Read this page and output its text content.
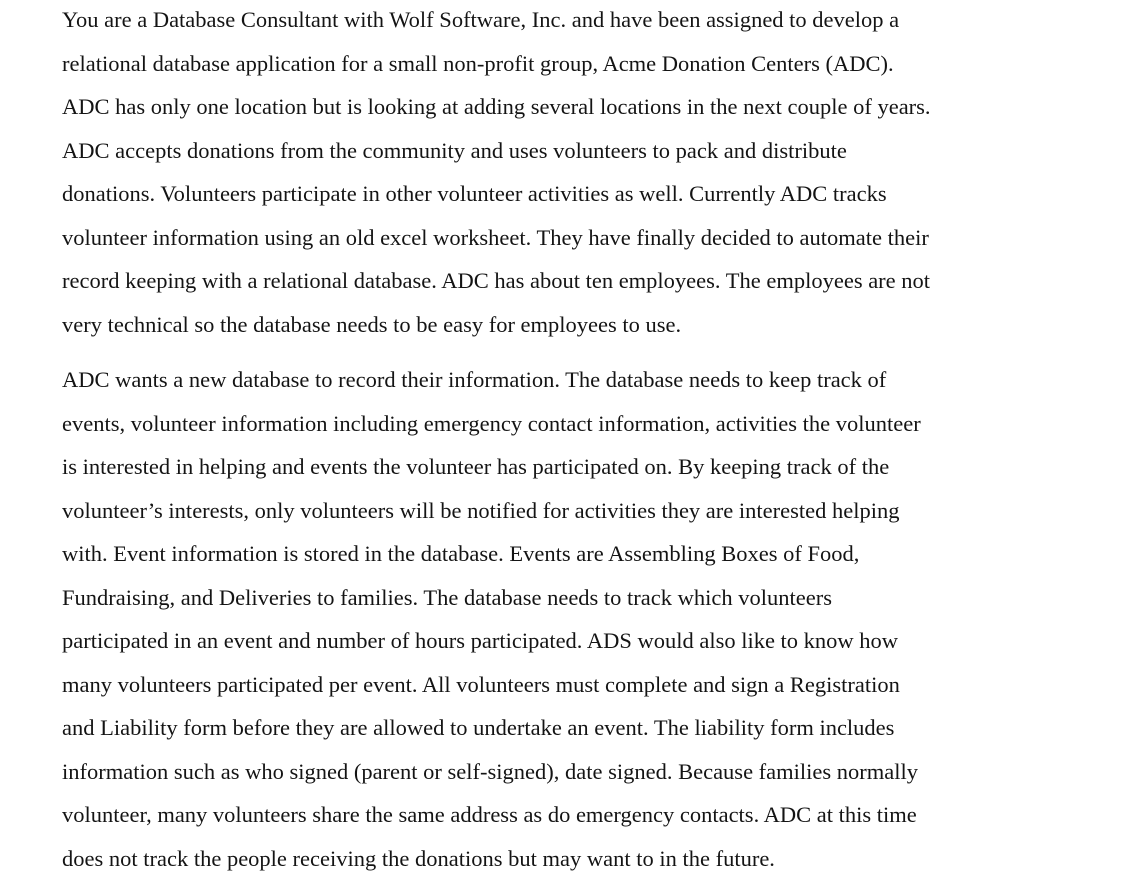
You are a Database Consultant with Wolf Software, Inc. and have been assigned to develop a
relational database application for a small non-profit group, Acme Donation Centers (ADC).
ADC has only one location but is looking at adding several locations in the next couple of years.
ADC accepts donations from the community and uses volunteers to pack and distribute
donations. Volunteers participate in other volunteer activities as well. Currently ADC tracks
volunteer information using an old excel worksheet. They have finally decided to automate their
record keeping with a relational database. ADC has about ten employees. The employees are not
very technical so the database needs to be easy for employees to use.
ADC wants a new database to record their information. The database needs to keep track of
events, volunteer information including emergency contact information, activities the volunteer
is interested in helping and events the volunteer has participated on. By keeping track of the
volunteer’s interests, only volunteers will be notified for activities they are interested helping
with. Event information is stored in the database. Events are Assembling Boxes of Food,
Fundraising, and Deliveries to families. The database needs to track which volunteers
participated in an event and number of hours participated. ADS would also like to know how
many volunteers participated per event. All volunteers must complete and sign a Registration
and Liability form before they are allowed to undertake an event. The liability form includes
information such as who signed (parent or self-signed), date signed. Because families normally
volunteer, many volunteers share the same address as do emergency contacts. ADC at this time
does not track the people receiving the donations but may want to in the future.
